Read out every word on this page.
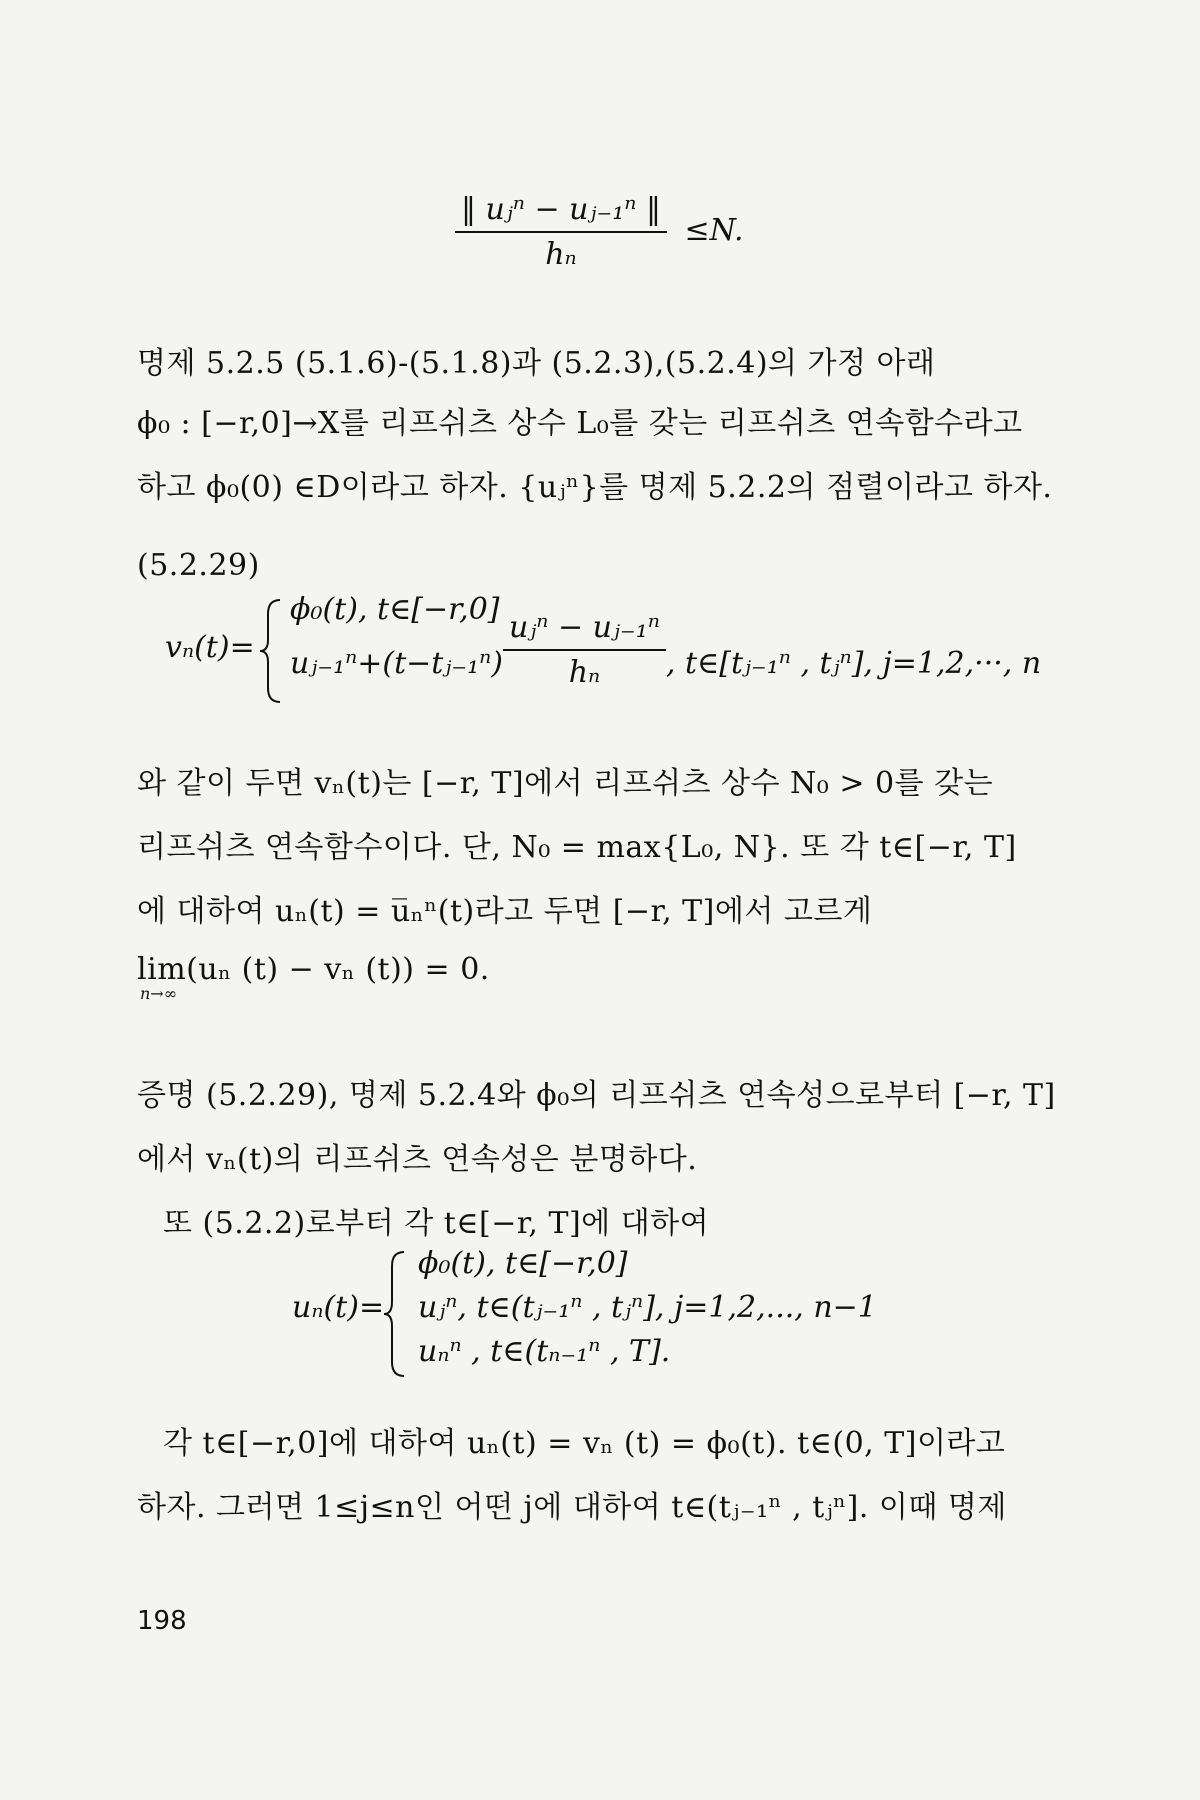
$\frac{\text{‖ uⱼⁿ − uⱼ₋₁ⁿ ‖}}{\text{hₙ}} \le N$.
명제 5.2.5 (5.1.6)-(5.1.8)과 (5.2.3),(5.2.4)의 가정 아래
ϕ₀ : [−r,0]→X를 리프쉬츠 상수 L₀를 갖는 리프쉬츠 연속함수라고
하고 ϕ₀(0) ∈D이라고 하자. {uⱼⁿ}를 명제 5.2.2의 점렬이라고 하자.
(5.2.29)
vₙ(t)=
ϕ₀(t), t∈[−r,0]
uⱼ₋₁ⁿ+(t−tⱼ₋₁ⁿ) $\frac{\text{uⱼⁿ − uⱼ₋₁ⁿ}}{\text{hₙ}}$ , t∈[tⱼ₋₁ⁿ , tⱼⁿ], j=1,2,···, n
와 같이 두면 vₙ(t)는 [−r, T]에서 리프쉬츠 상수 N₀ > 0를 갖는
리프쉬츠 연속함수이다. 단, N₀ = max{L₀, N}. 또 각 t∈[−r, T]
에 대하여 uₙ(t) = u̅ₙⁿ(t)라고 두면 [−r, T]에서 고르게
lim(uₙ (t) − vₙ (t)) = 0.
n→∞
증명 (5.2.29), 명제 5.2.4와 ϕ₀의 리프쉬츠 연속성으로부터 [−r, T]
에서 vₙ(t)의 리프쉬츠 연속성은 분명하다.
또 (5.2.2)로부터 각 t∈[−r, T]에 대하여
uₙ(t)=
ϕ₀(t), t∈[−r,0]
uⱼⁿ, t∈(tⱼ₋₁ⁿ , tⱼⁿ], j=1,2,..., n−1
uₙⁿ , t∈(tₙ₋₁ⁿ , T].
각 t∈[−r,0]에 대하여 uₙ(t) = vₙ (t) = ϕ₀(t). t∈(0, T]이라고
하자. 그러면 1≤j≤n인 어떤 j에 대하여 t∈(tⱼ₋₁ⁿ , tⱼⁿ]. 이때 명제
198
